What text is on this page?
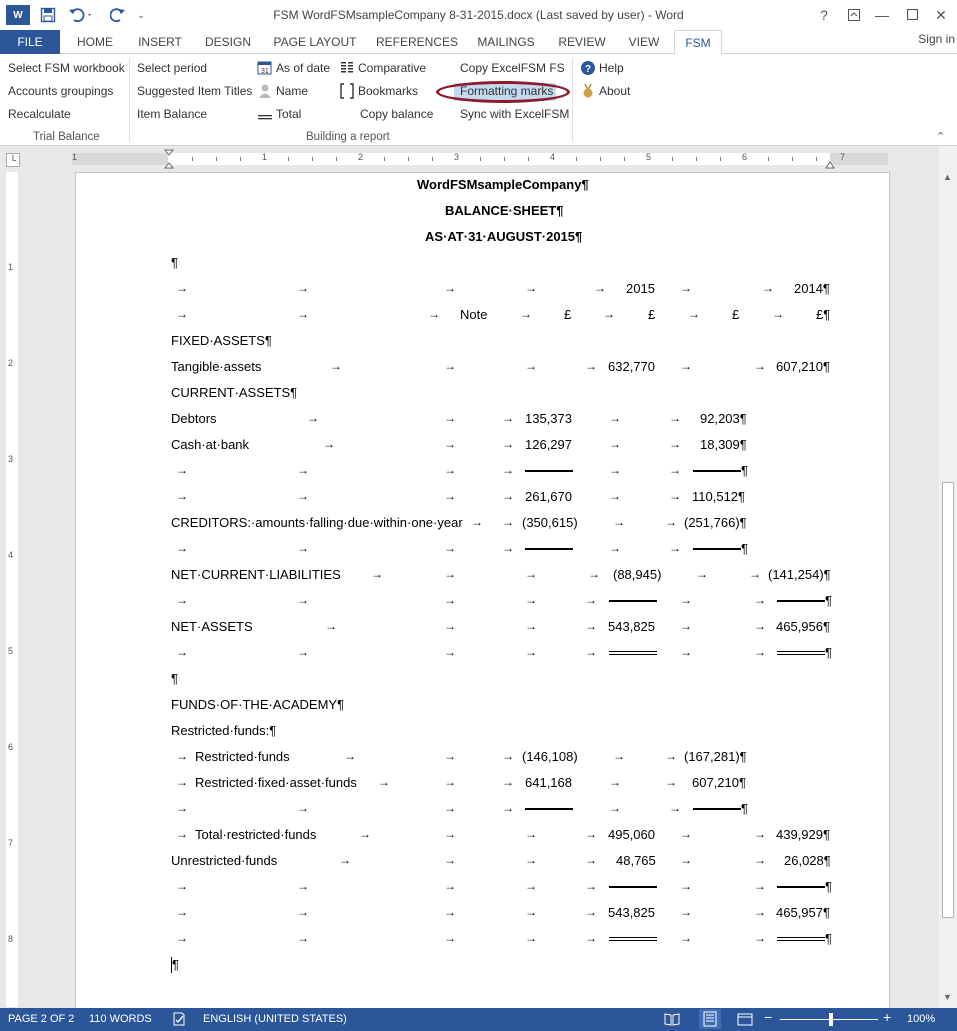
W	⌄	FSM WordFSMsampleCompany 8-31-2015.docx (Last saved by user) - Word	?	—	✕
FILE	HOME	INSERT	DESIGN	PAGE LAYOUT	REFERENCES	MAILINGS	REVIEW	VIEW	FSM	Sign in
Select FSM workbook
Accounts groupings
Recalculate
Trial Balance
Select period
Suggested Item Titles
Item Balance
31 As of date
Name
Total
Comparative
Bookmarks
Copy balance
Copy ExcelFSM FS
Formatting marks
Sync with ExcelFSM
Building a report
? Help
About
⌃
└	1	2	3	4	5	6	7
1
1
2
3
4
5
6
7
8
WordFSMsampleCompany¶
BALANCE·SHEET¶
AS·AT·31·AUGUST·2015¶
¶
→	→	→	→	→ 2015 →	→ 2014¶
→	→	→ Note	→ £	→	£	→ £	→ £¶
FIXED·ASSETS¶
Tangible·assets	→	→	→	→ 632,770 →	→ 607,210¶
CURRENT·ASSETS¶
Debtors	→	→	→ 135,373	→	→ 92,203¶
Cash·at·bank	→	→	→ 126,297	→	→ 18,309¶
→	→	→	→	→	→	¶
→	→	→	→ 261,670	→	→ 110,512¶
CREDITORS:·amounts·falling·due·within·one·year → → (350,615)	→	→ (251,766)¶
→	→	→	→	→	→	¶
NET·CURRENT·LIABILITIES	→	→	→	→ (88,945)	→	→ (141,254)¶
→	→	→	→	→	→	→	¶
NET·ASSETS	→	→	→	→ 543,825 →	→ 465,956¶
→	→	→	→	→	→	→	¶
¶
FUNDS·OF·THE·ACADEMY¶
Restricted·funds:¶
→ Restricted·funds	→	→	→ (146,108)	→	→ (167,281)¶
→ Restricted·fixed·asset·funds →	→	→ 641,168	→	→ 607,210¶
→	→	→	→	→	→	¶
→ Total·restricted·funds	→	→	→	→ 495,060 →	→ 439,929¶
Unrestricted·funds	→	→	→	→ 48,765 →	→ 26,028¶
→	→	→	→	→	→	→	¶
→	→	→	→	→ 543,825 →	→ 465,957¶
→	→	→	→	→	→	→	¶
¶
▲
▼
PAGE 2 OF 2 110 WORDS	ENGLISH (UNITED STATES)	−	+ 100%
